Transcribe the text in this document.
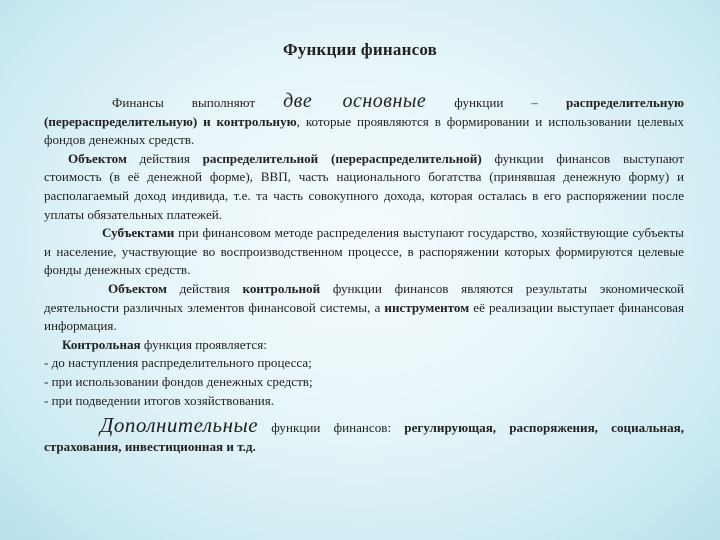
Функции финансов

Финансы выполняют две основные функции – распределительную (перераспределительную) и контрольную, которые проявляются в формировании и использовании целевых фондов денежных средств.

Объектом действия распределительной (перераспределительной) функции финансов выступают стоимость (в её денежной форме), ВВП, часть национального богатства (принявшая денежную форму) и располагаемый доход индивида, т.е. та часть совокупного дохода, которая осталась в его распоряжении после уплаты обязательных платежей.

Субъектами при финансовом методе распределения выступают государство, хозяйствующие субъекты и население, участвующие во воспроизводственном процессе, в распоряжении которых формируются целевые фонды денежных средств.

Объектом действия контрольной функции финансов являются результаты экономической деятельности различных элементов финансовой системы, а инструментом её реализации выступает финансовая информация.

Контрольная функция проявляется:

- до наступления распределительного процесса;

- при использовании фондов денежных средств;

- при подведении итогов хозяйствования.

Дополнительные функции финансов: регулирующая, распоряжения, социальная, страхования, инвестиционная и т.д.
